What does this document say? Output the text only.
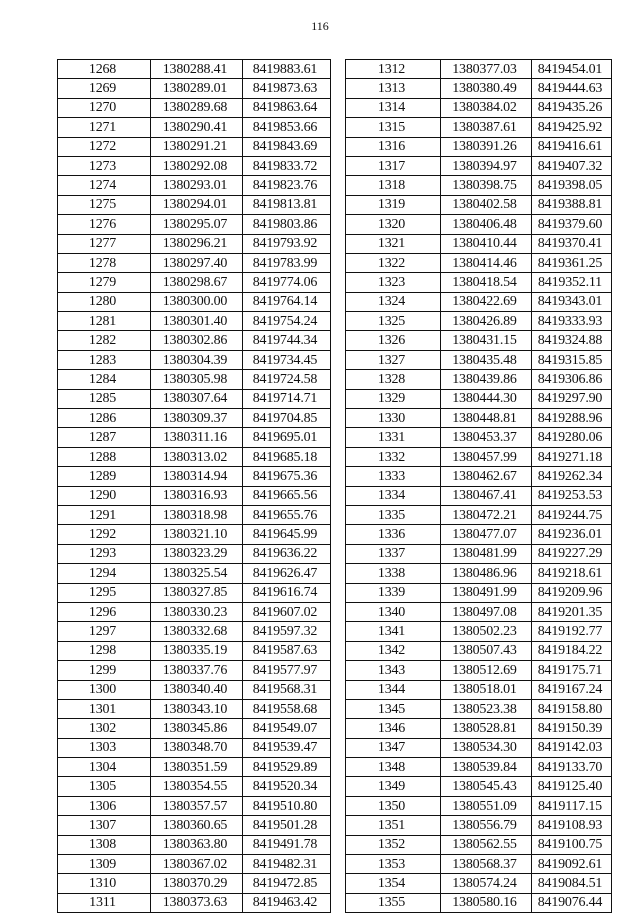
116
1268	1380288.41	8419883.61
1269	1380289.01	8419873.63
1270	1380289.68	8419863.64
1271	1380290.41	8419853.66
1272	1380291.21	8419843.69
1273	1380292.08	8419833.72
1274	1380293.01	8419823.76
1275	1380294.01	8419813.81
1276	1380295.07	8419803.86
1277	1380296.21	8419793.92
1278	1380297.40	8419783.99
1279	1380298.67	8419774.06
1280	1380300.00	8419764.14
1281	1380301.40	8419754.24
1282	1380302.86	8419744.34
1283	1380304.39	8419734.45
1284	1380305.98	8419724.58
1285	1380307.64	8419714.71
1286	1380309.37	8419704.85
1287	1380311.16	8419695.01
1288	1380313.02	8419685.18
1289	1380314.94	8419675.36
1290	1380316.93	8419665.56
1291	1380318.98	8419655.76
1292	1380321.10	8419645.99
1293	1380323.29	8419636.22
1294	1380325.54	8419626.47
1295	1380327.85	8419616.74
1296	1380330.23	8419607.02
1297	1380332.68	8419597.32
1298	1380335.19	8419587.63
1299	1380337.76	8419577.97
1300	1380340.40	8419568.31
1301	1380343.10	8419558.68
1302	1380345.86	8419549.07
1303	1380348.70	8419539.47
1304	1380351.59	8419529.89
1305	1380354.55	8419520.34
1306	1380357.57	8419510.80
1307	1380360.65	8419501.28
1308	1380363.80	8419491.78
1309	1380367.02	8419482.31
1310	1380370.29	8419472.85
1311	1380373.63	8419463.42
1312	1380377.03	8419454.01
1313	1380380.49	8419444.63
1314	1380384.02	8419435.26
1315	1380387.61	8419425.92
1316	1380391.26	8419416.61
1317	1380394.97	8419407.32
1318	1380398.75	8419398.05
1319	1380402.58	8419388.81
1320	1380406.48	8419379.60
1321	1380410.44	8419370.41
1322	1380414.46	8419361.25
1323	1380418.54	8419352.11
1324	1380422.69	8419343.01
1325	1380426.89	8419333.93
1326	1380431.15	8419324.88
1327	1380435.48	8419315.85
1328	1380439.86	8419306.86
1329	1380444.30	8419297.90
1330	1380448.81	8419288.96
1331	1380453.37	8419280.06
1332	1380457.99	8419271.18
1333	1380462.67	8419262.34
1334	1380467.41	8419253.53
1335	1380472.21	8419244.75
1336	1380477.07	8419236.01
1337	1380481.99	8419227.29
1338	1380486.96	8419218.61
1339	1380491.99	8419209.96
1340	1380497.08	8419201.35
1341	1380502.23	8419192.77
1342	1380507.43	8419184.22
1343	1380512.69	8419175.71
1344	1380518.01	8419167.24
1345	1380523.38	8419158.80
1346	1380528.81	8419150.39
1347	1380534.30	8419142.03
1348	1380539.84	8419133.70
1349	1380545.43	8419125.40
1350	1380551.09	8419117.15
1351	1380556.79	8419108.93
1352	1380562.55	8419100.75
1353	1380568.37	8419092.61
1354	1380574.24	8419084.51
1355	1380580.16	8419076.44
